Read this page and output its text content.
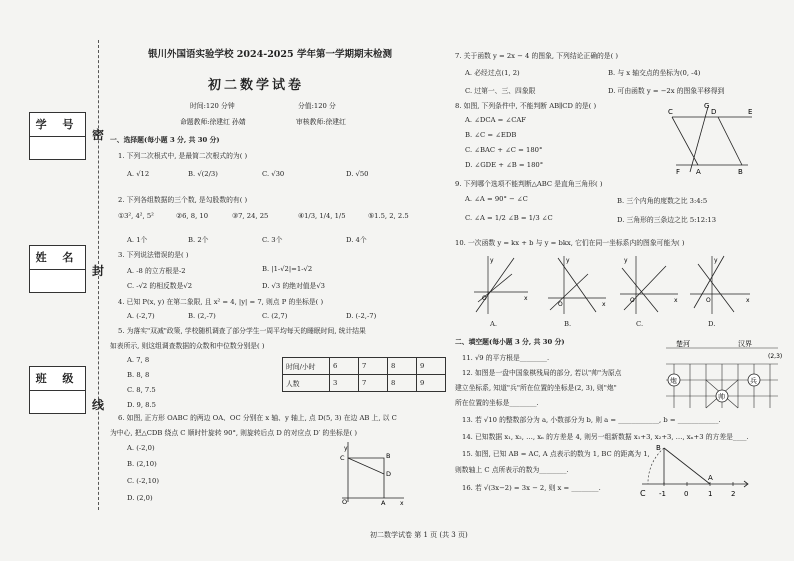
学 号
姓 名
班 级
密
封
线
银川外国语实验学校 2024-2025 学年第一学期期末检测
初二数学试卷
时间:120 分钟	分值:120 分
命题教师:徐建红 孙婧	审核教师:徐建红
一、选择题(每小题 3 分, 共 30 分)
1. 下列二次根式中, 是最简二次根式的为( )
A. √12	B. √(2/3)	C. √30	D. √50
2. 下列各组数据的三个数, 是勾股数的有( )
①3², 4², 5²	②6, 8, 10	③7, 24, 25	④1/3, 1/4, 1/5	⑤1.5, 2, 2.5
A. 1个	B. 2个	C. 3个	D. 4个
3. 下列说法错误的是( )
A. -8 的立方根是-2	B. |1-√2|=1-√2
C. -√2 的相反数是√2	D. √3 的绝对值是√3
4. 已知 P(x, y) 在第二象限, 且 x² = 4, |y| = 7, 则点 P 的坐标是( )
A. (-2,7)	B. (2,-7)	C. (2,7)	D. (-2,-7)
5. 为落实"双减"政策, 学校随机调查了部分学生一周平均每天的睡眠时间, 统计结果
如表所示, 则这组调查数据的众数和中位数分别是( )
A. 7, 8
B. 8, 8
C. 8, 7.5
D. 9, 8.5
时间/小时	6	7	8	9
人数	3	7	8	9
6. 如图, 正方形 OABC 的两边 OA、OC 分别在 x 轴、y 轴上, 点 D(5, 3) 在边 AB 上, 以 C
为中心, 把△CDB 绕点 C 顺时针旋转 90°, 则旋转后点 D 的对应点 D′ 的坐标是( )
A. (-2,0)
B. (2,10)
C. (-2,10)
D. (2,0)
y
C	B
D
O	A x
7. 关于函数 y = 2x − 4 的图象, 下列结论正确的是( )
A. 必经过点(1, 2)	B. 与 x 轴交点的坐标为(0, -4)
C. 过第一、三、四象限	D. 可由函数 y = −2x 的图象平移得到
8. 如图, 下列条件中, 不能判断 AB∥CD 的是( )
A. ∠DCA = ∠CAF
B. ∠C = ∠EDB
C. ∠BAC + ∠C = 180°
D. ∠GDE + ∠B = 180°
G
C	D	E
F A	B
9. 下列哪个选项不能判断△ABC 是直角三角形( )
A. ∠A = 90° − ∠C	B. 三个内角的度数之比 3:4:5
C. ∠A = 1/2 ∠B = 1/3 ∠C	D. 三角形的三条边之比 5:12:13
10. 一次函数 y = kx + b 与 y = bkx, 它们在同一坐标系内的图象可能为( )
O	x
y
O	x
y
O	x
y
O	x
y
A.	B.	C.	D.
二、填空题(每小题 3 分, 共 30 分)
11. √9 的平方根是________.
12. 如图是一盘中国象棋残局的部分, 若以"帅"为原点
建立坐标系, 知道"兵"所在位置的坐标是(2, 3), 则"炮"
所在位置的坐标是________.
楚河	汉界
(2,3)
炮	兵
帅
13. 若 √10 的整数部分为 a, 小数部分为 b, 则 a = ____________, b = ____________.
14. 已知数据 x₁, x₂, …, xₙ 的方差是 4, 则另一组新数据 x₁+3, x₂+3, …, xₙ+3 的方差是____.
15. 如图, 已知 AB = AC, A 点表示的数为 1, BC 的距离为 1,
则数轴上 C 点所表示的数为________.
16. 若 √(3x−2) = 3x − 2, 则 x = ________.
C -1	0	1	2
A
B
初二数学试卷 第 1 页 (共 3 页)
